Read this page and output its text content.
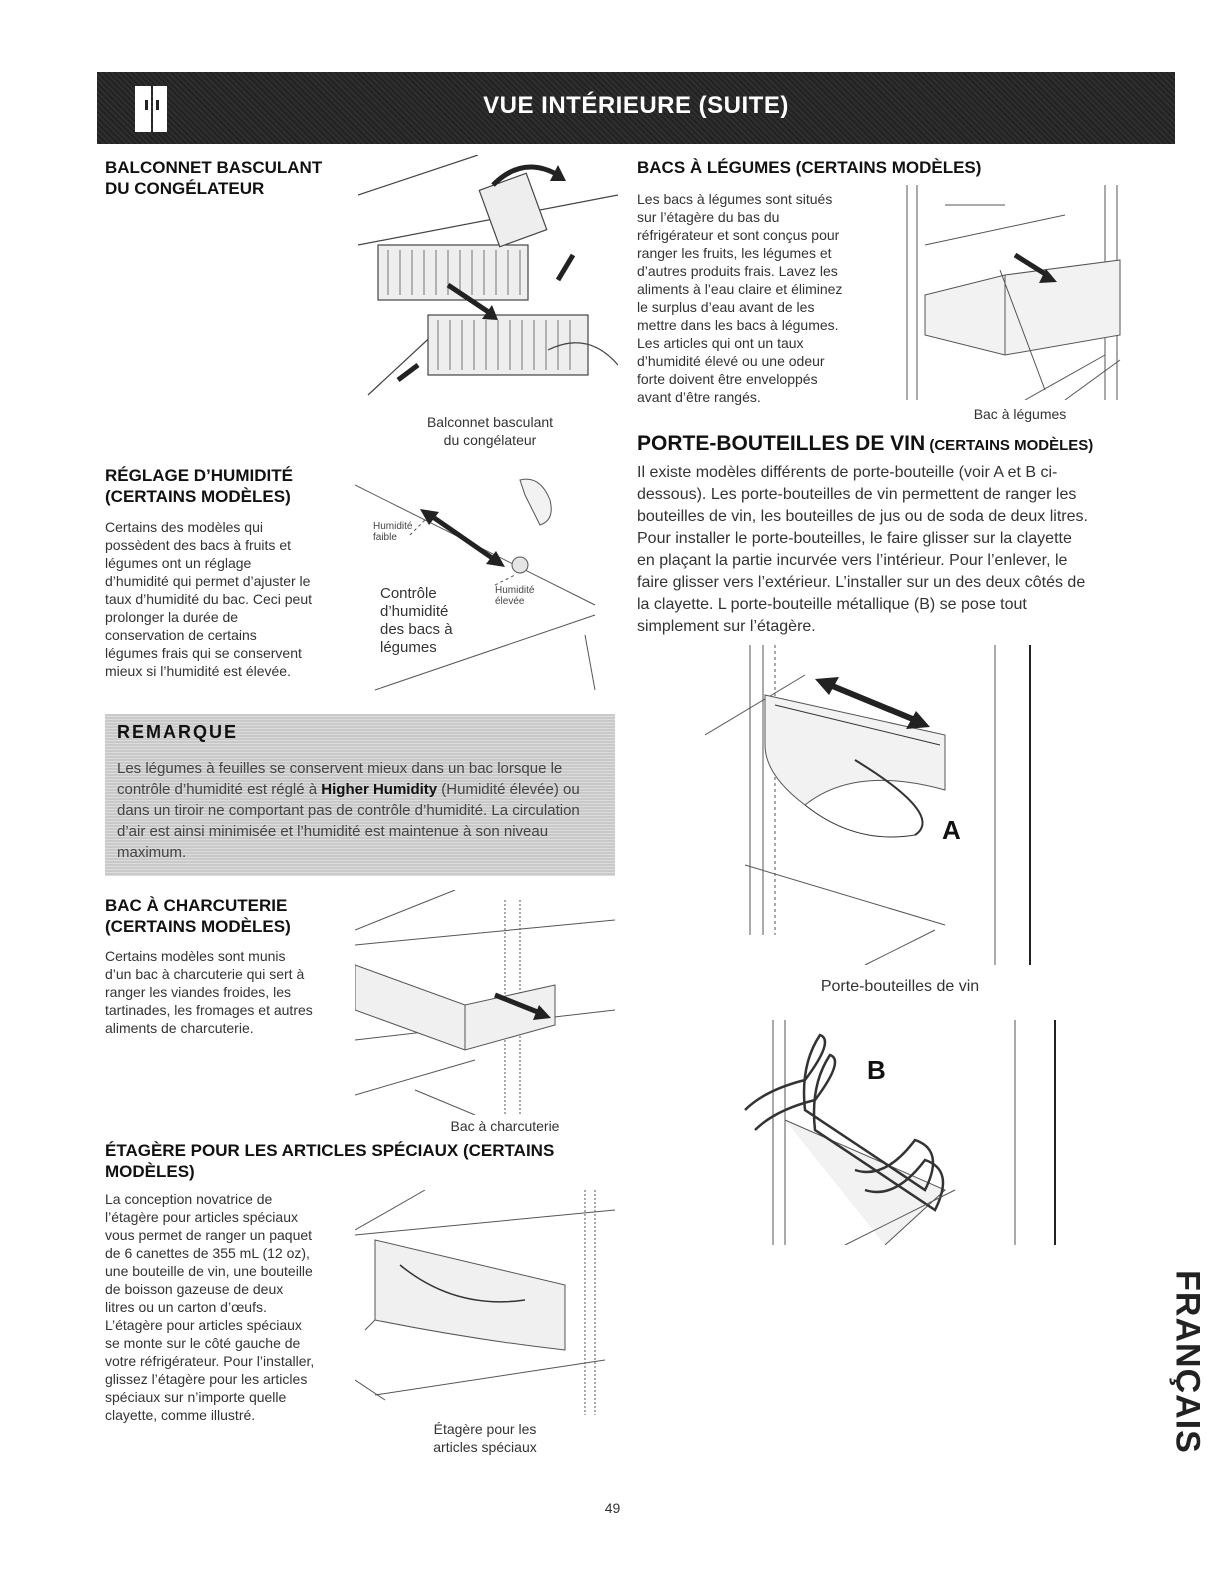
VUE INTÉRIEURE (SUITE)
BALCONNET BASCULANT
DU CONGÉLATEUR
Balconnet basculant
du congélateur
RÉGLAGE D’HUMIDITÉ
(CERTAINS MODÈLES)

Certains des modèles qui

possèdent des bacs à fruits et

légumes ont un réglage

d’humidité qui permet d’ajuster le

taux d’humidité du bac. Ceci peut

prolonger la durée de

conservation de certains

légumes frais qui se conservent

mieux si l’humidité est élevée.

Humidité
faible
Humidité
élevée
Contrôle
d’humidité
des bacs à
légumes
REMARQUE
Les légumes à feuilles se conservent mieux dans un bac lorsque le contrôle d’humidité est réglé à Higher Humidity (Humidité élevée) ou dans un tiroir ne comportant pas de contrôle d’humidité. La circulation d’air est ainsi minimisée et l’humidité est maintenue à son niveau maximum.
BAC À CHARCUTERIE
(CERTAINS MODÈLES)

Certains modèles sont munis

d’un bac à charcuterie qui sert à

ranger les viandes froides, les

tartinades, les fromages et autres

aliments de charcuterie.

Bac à charcuterie
ÉTAGÈRE POUR LES ARTICLES SPÉCIAUX (CERTAINS
MODÈLES)

La conception novatrice de

l’étagère pour articles spéciaux

vous permet de ranger un paquet

de 6 canettes de 355 mL (12 oz),

une bouteille de vin, une bouteille

de boisson gazeuse de deux

litres ou un carton d’œufs.

L’étagère pour articles spéciaux

se monte sur le côté gauche de

votre réfrigérateur. Pour l’installer,

glissez l’étagère pour les articles

spéciaux sur n’importe quelle

clayette, comme illustré.

Étagère pour les
articles spéciaux
BACS À LÉGUMES (CERTAINS MODÈLES)

Les bacs à légumes sont situés

sur l’étagère du bas du

réfrigérateur et sont conçus pour

ranger les fruits, les légumes et

d’autres produits frais. Lavez les

aliments à l’eau claire et éliminez

le surplus d’eau avant de les

mettre dans les bacs à légumes.

Les articles qui ont un taux

d’humidité élevé ou une odeur

forte doivent être enveloppés

avant d’être rangés.

Bac à légumes
PORTE-BOUTEILLES DE VIN (CERTAINS MODÈLES)
Il existe modèles différents de porte-bouteille (voir A et B ci-
dessous). Les porte-bouteilles de vin permettent de ranger les
bouteilles de vin, les bouteilles de jus ou de soda de deux litres.
Pour installer le porte-bouteilles, le faire glisser sur la clayette
en plaçant la partie incurvée vers l’intérieur. Pour l’enlever, le
faire glisser vers l’extérieur. L’installer sur un des deux côtés de
la clayette. L porte-bouteille métallique (B) se pose tout
simplement sur l’étagère.
A
Porte-bouteilles de vin
B
FRANÇAIS
49
